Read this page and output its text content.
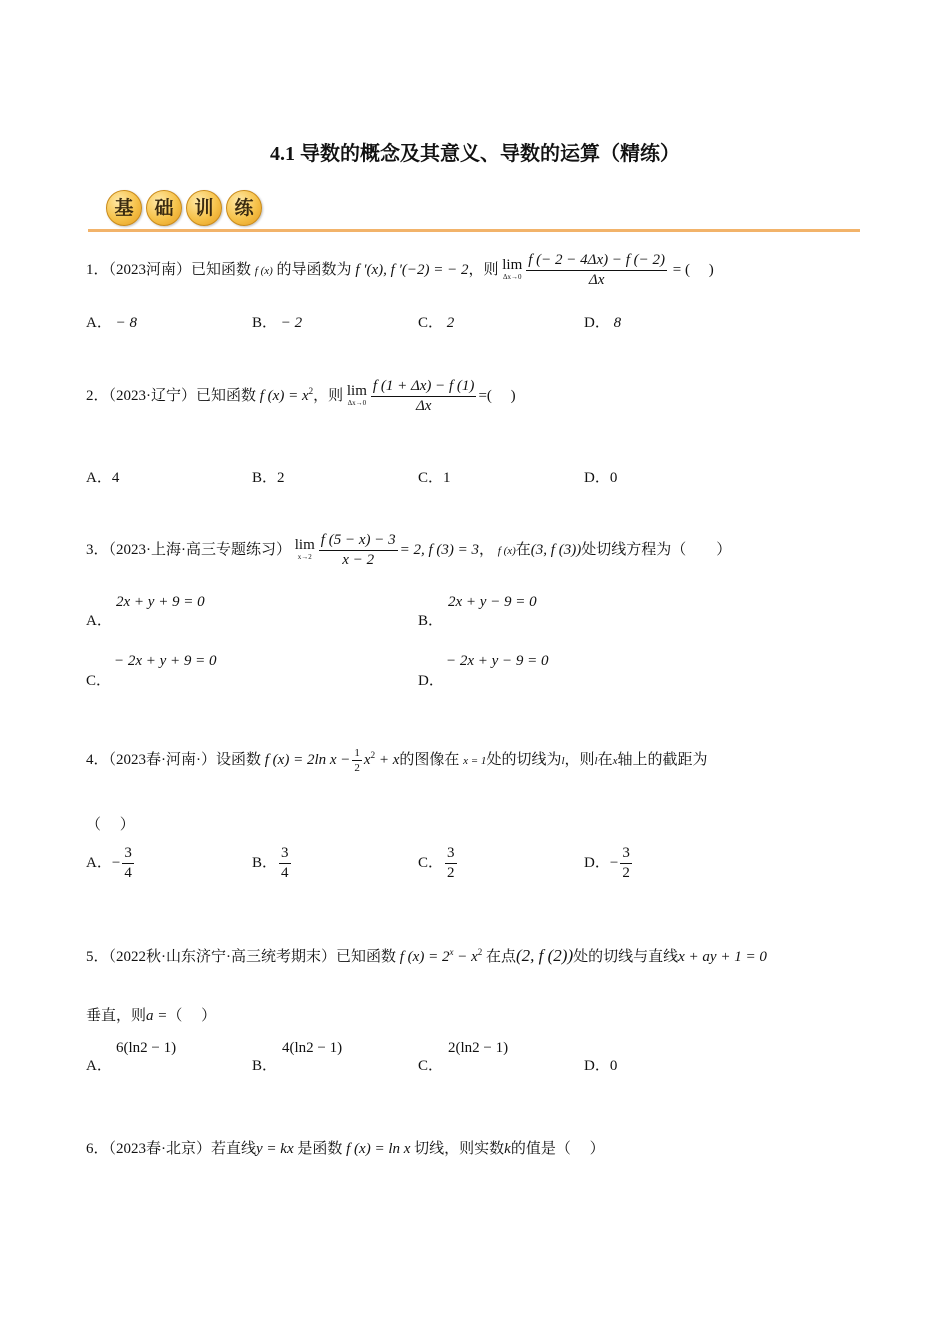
4.1 导数的概念及其意义、导数的运算（精练）
基 础 训 练
1．（2023河南）已知函数 f (x) 的导函数为 f ′(x), f ′(−2) = − 2，则 lim
$\Delta x\to 0 \frac{f (- 2 - 4\Delta x) - f (- 2)}{\Delta x}$ = (　 )
A． − 8	B． − 2	C． 2	D． 8
2．（2023·辽宁）已知函数 f $(x) = x^2$，则 lim
$\Delta x\to 0 \frac{f (1 + \Delta x) - f (1)}{\Delta x}$ =(　 )
A．4	B．2	C．1	D．0
3．（2023·上海·高三专题练习） lim
$x\to 2 \frac{f (5 - x) - 3}{x - 2} = 2$, f (3) = 3， f (x)在(3, f (3))处切线方程为（　　）
A．
2x + y + 9 = 0
B．
2x + y − 9 = 0
C．
− 2x + y + 9 = 0
D．
− 2x + y − 9 = 0
4．（2023春·河南·）设函数 f (x) = 2ln $x - \frac{1}{2} x^2 + x$的图像在 x = 1处的切线为l，则l在x轴上的截距为
（　 ）
A．− $\frac{3}{4}$	B． $\frac{3}{4}$	C． $\frac{3}{2}$	D．− $\frac{3}{2}$
5．（2022秋·山东济宁·高三统考期末）已知函数 f $(x) = 2^x - x^2$ 在点(2, f (2))处的切线与直线x + ay + 1 = 0
垂直，则a =（　 ）
A．
6(ln2 − 1)
B．
4(ln2 − 1)
C．
2(ln2 − 1)
D．0
6．（2023春·北京）若直线y = kx 是函数 f (x) = ln x 切线，则实数k的值是（　 ）
